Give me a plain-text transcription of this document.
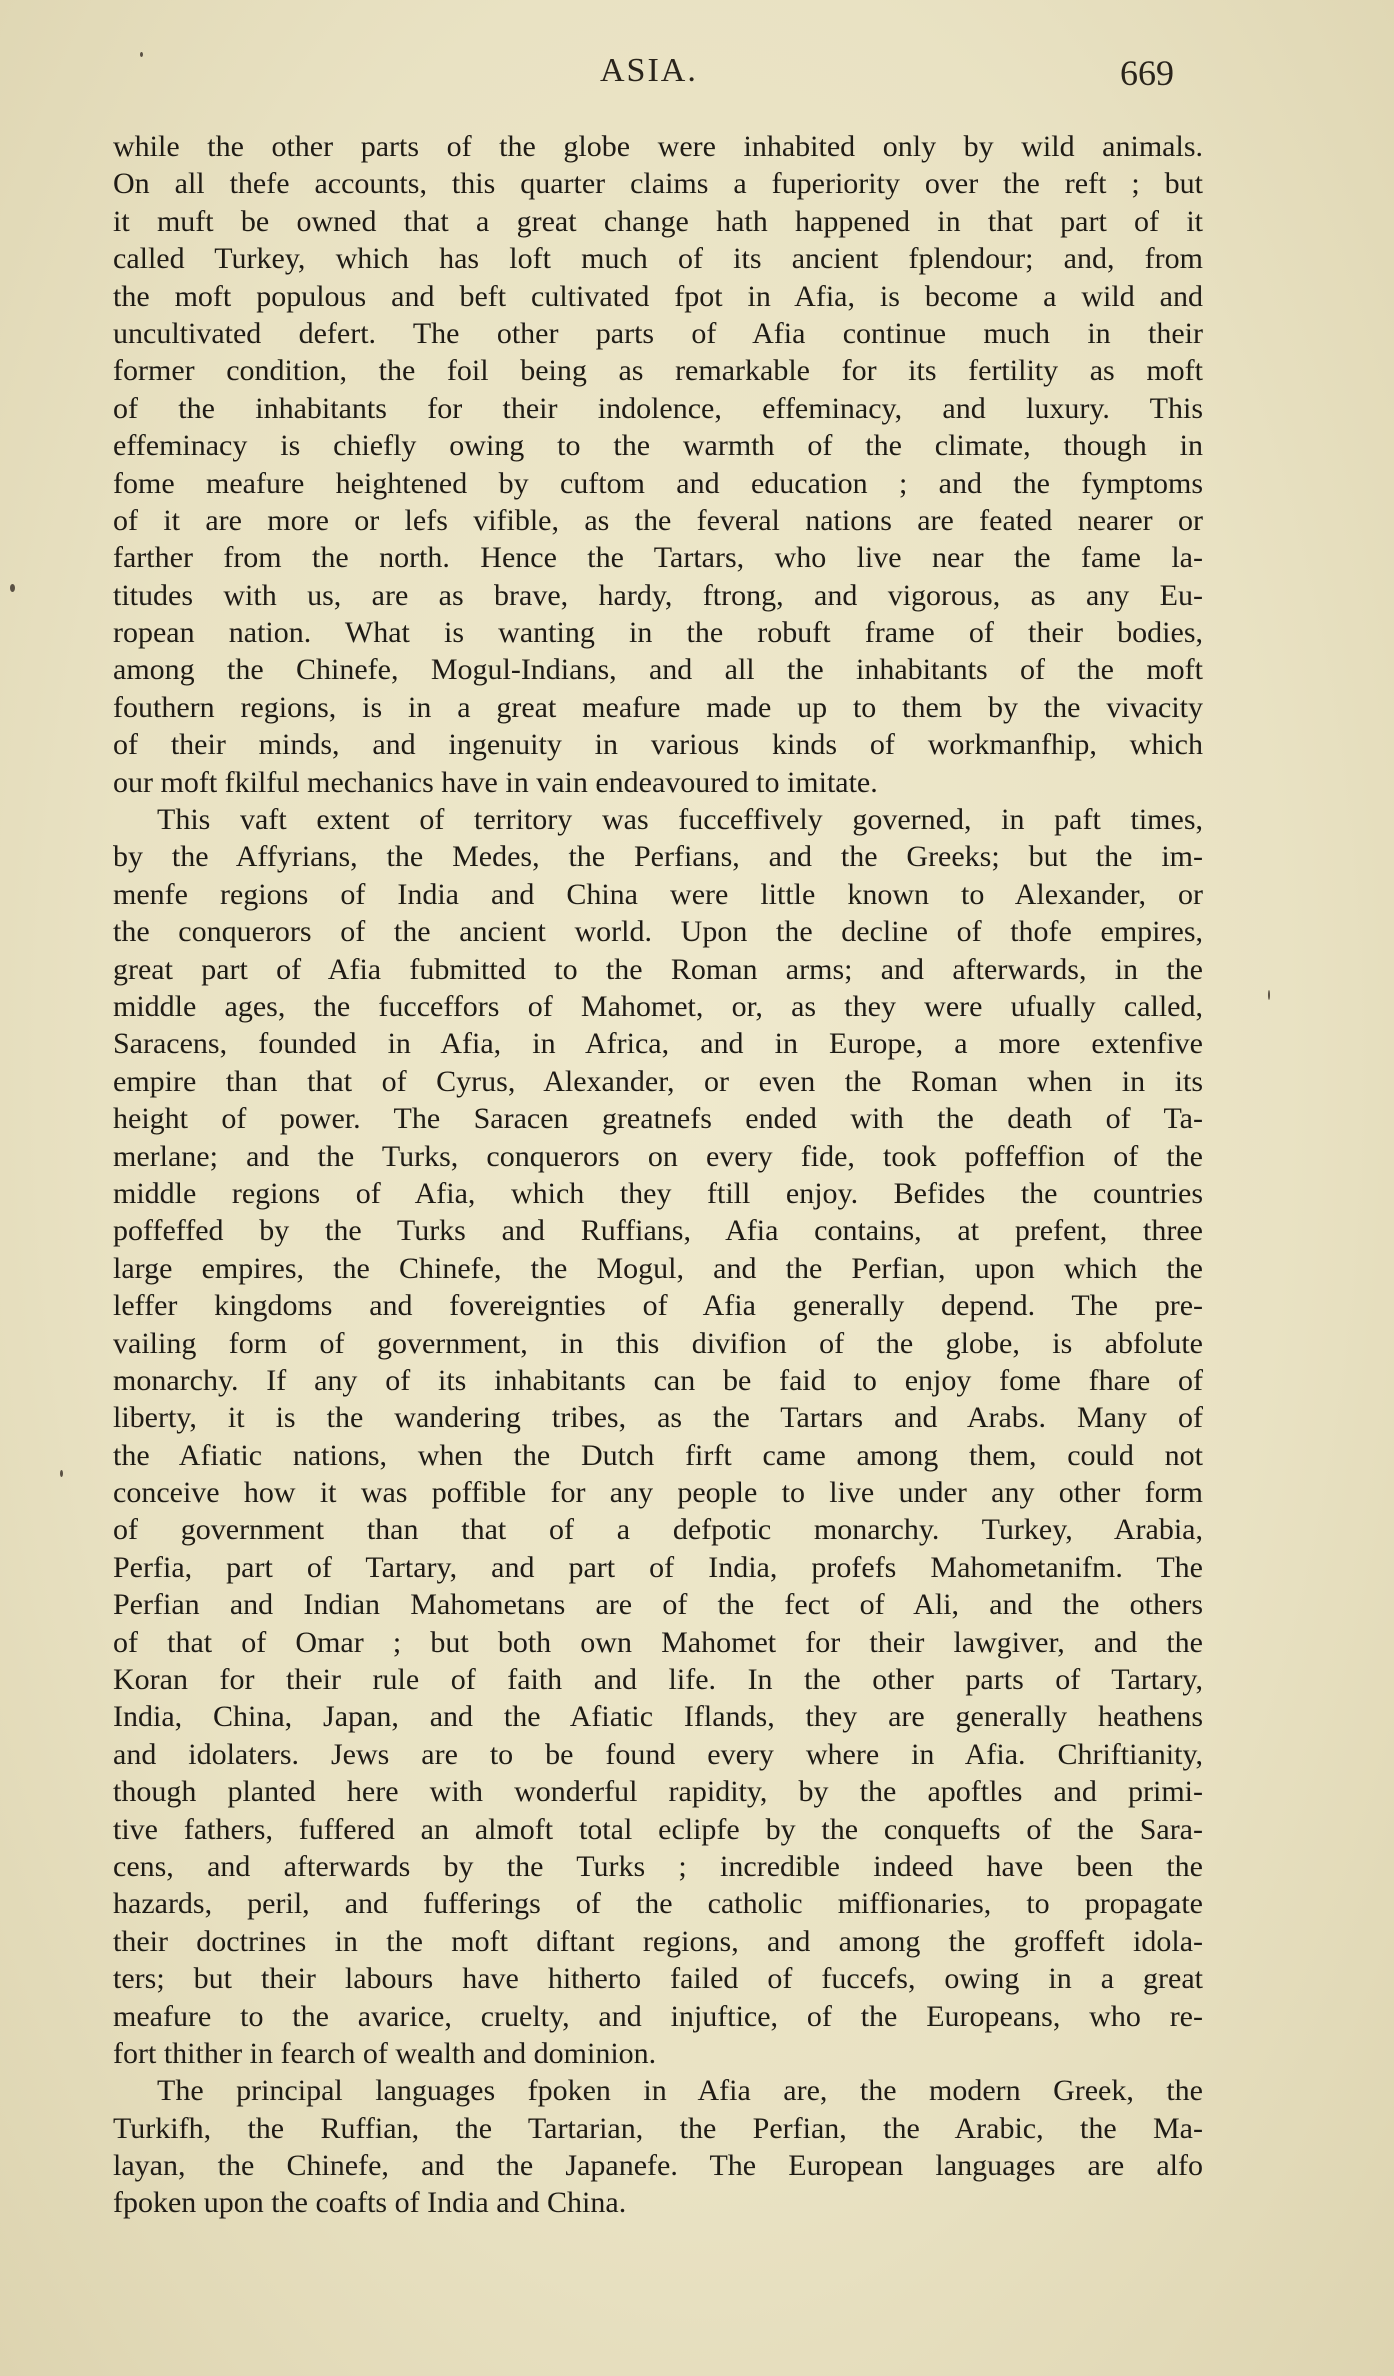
ASIA.	669
while the other parts of the globe were inhabited only by wild animals.
On all thefe accounts, this quarter claims a fuperiority over the reft ; but
it muft be owned that a great change hath happened in that part of it
called Turkey, which has loft much of its ancient fplendour; and, from
the moft populous and beft cultivated fpot in Afia, is become a wild and
uncultivated defert. The other parts of Afia continue much in their
former condition, the foil being as remarkable for its fertility as moft
of the inhabitants for their indolence, effeminacy, and luxury. This
effeminacy is chiefly owing to the warmth of the climate, though in
fome meafure heightened by cuftom and education ; and the fymptoms
of it are more or lefs vifible, as the feveral nations are feated nearer or
farther from the north. Hence the Tartars, who live near the fame la-
titudes with us, are as brave, hardy, ftrong, and vigorous, as any Eu-
ropean nation. What is wanting in the robuft frame of their bodies,
among the Chinefe, Mogul-Indians, and all the inhabitants of the moft
fouthern regions, is in a great meafure made up to them by the vivacity
of their minds, and ingenuity in various kinds of workmanfhip, which
our moft fkilful mechanics have in vain endeavoured to imitate.
This vaft extent of territory was fucceffively governed, in paft times,
by the Affyrians, the Medes, the Perfians, and the Greeks; but the im-
menfe regions of India and China were little known to Alexander, or
the conquerors of the ancient world. Upon the decline of thofe empires,
great part of Afia fubmitted to the Roman arms; and afterwards, in the
middle ages, the fucceffors of Mahomet, or, as they were ufually called,
Saracens, founded in Afia, in Africa, and in Europe, a more extenfive
empire than that of Cyrus, Alexander, or even the Roman when in its
height of power. The Saracen greatnefs ended with the death of Ta-
merlane; and the Turks, conquerors on every fide, took poffeffion of the
middle regions of Afia, which they ftill enjoy. Befides the countries
poffeffed by the Turks and Ruffians, Afia contains, at prefent, three
large empires, the Chinefe, the Mogul, and the Perfian, upon which the
leffer kingdoms and fovereignties of Afia generally depend. The pre-
vailing form of government, in this divifion of the globe, is abfolute
monarchy. If any of its inhabitants can be faid to enjoy fome fhare of
liberty, it is the wandering tribes, as the Tartars and Arabs. Many of
the Afiatic nations, when the Dutch firft came among them, could not
conceive how it was poffible for any people to live under any other form
of government than that of a defpotic monarchy. Turkey, Arabia,
Perfia, part of Tartary, and part of India, profefs Mahometanifm. The
Perfian and Indian Mahometans are of the fect of Ali, and the others
of that of Omar ; but both own Mahomet for their lawgiver, and the
Koran for their rule of faith and life. In the other parts of Tartary,
India, China, Japan, and the Afiatic Iflands, they are generally heathens
and idolaters. Jews are to be found every where in Afia. Chriftianity,
though planted here with wonderful rapidity, by the apoftles and primi-
tive fathers, fuffered an almoft total eclipfe by the conquefts of the Sara-
cens, and afterwards by the Turks ; incredible indeed have been the
hazards, peril, and fufferings of the catholic miffionaries, to propagate
their doctrines in the moft diftant regions, and among the groffeft idola-
ters; but their labours have hitherto failed of fuccefs, owing in a great
meafure to the avarice, cruelty, and injuftice, of the Europeans, who re-
fort thither in fearch of wealth and dominion.
The principal languages fpoken in Afia are, the modern Greek, the
Turkifh, the Ruffian, the Tartarian, the Perfian, the Arabic, the Ma-
layan, the Chinefe, and the Japanefe. The European languages are alfo
fpoken upon the coafts of India and China.
